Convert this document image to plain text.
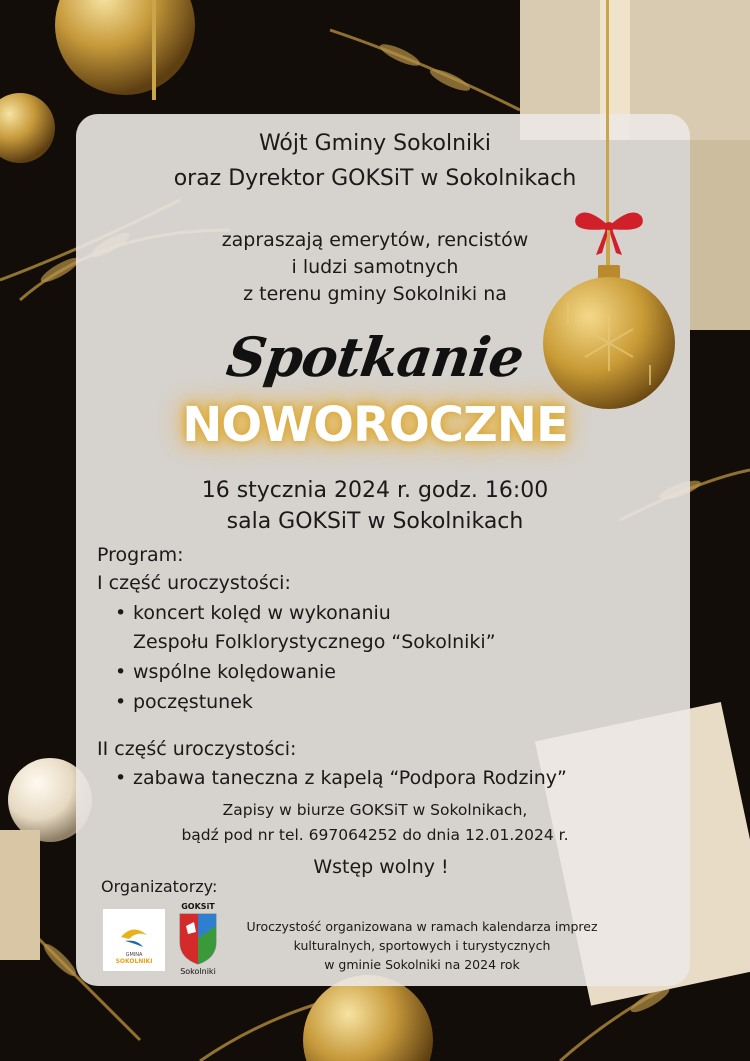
Wójt Gminy Sokolniki

oraz Dyrektor GOKSiT w Sokolnikach

zapraszają emerytów, rencistów

i ludzi samotnych

z terenu gminy Sokolniki na

Spotkanie

NOWOROCZNE

16 stycznia 2024 r. godz. 16:00

sala GOKSiT w Sokolnikach

Program:

I część uroczystości:

• koncert kolęd w wykonaniu

Zespołu Folklorystycznego “Sokolniki”

• wspólne kolędowanie

• poczęstunek

II część uroczystości:

• zabawa taneczna z kapelą “Podpora Rodziny”

Zapisy w biurze GOKSiT w Sokolnikach,

bądź pod nr tel. 697064252 do dnia 12.01.2024 r.

Wstęp wolny !

Organizatorzy:

GMINA
SOKOLNIKI
GOKSiT
Sokolniki

Uroczystość organizowana w ramach kalendarza imprez

kulturalnych, sportowych i turystycznych

w gminie Sokolniki na 2024 rok
